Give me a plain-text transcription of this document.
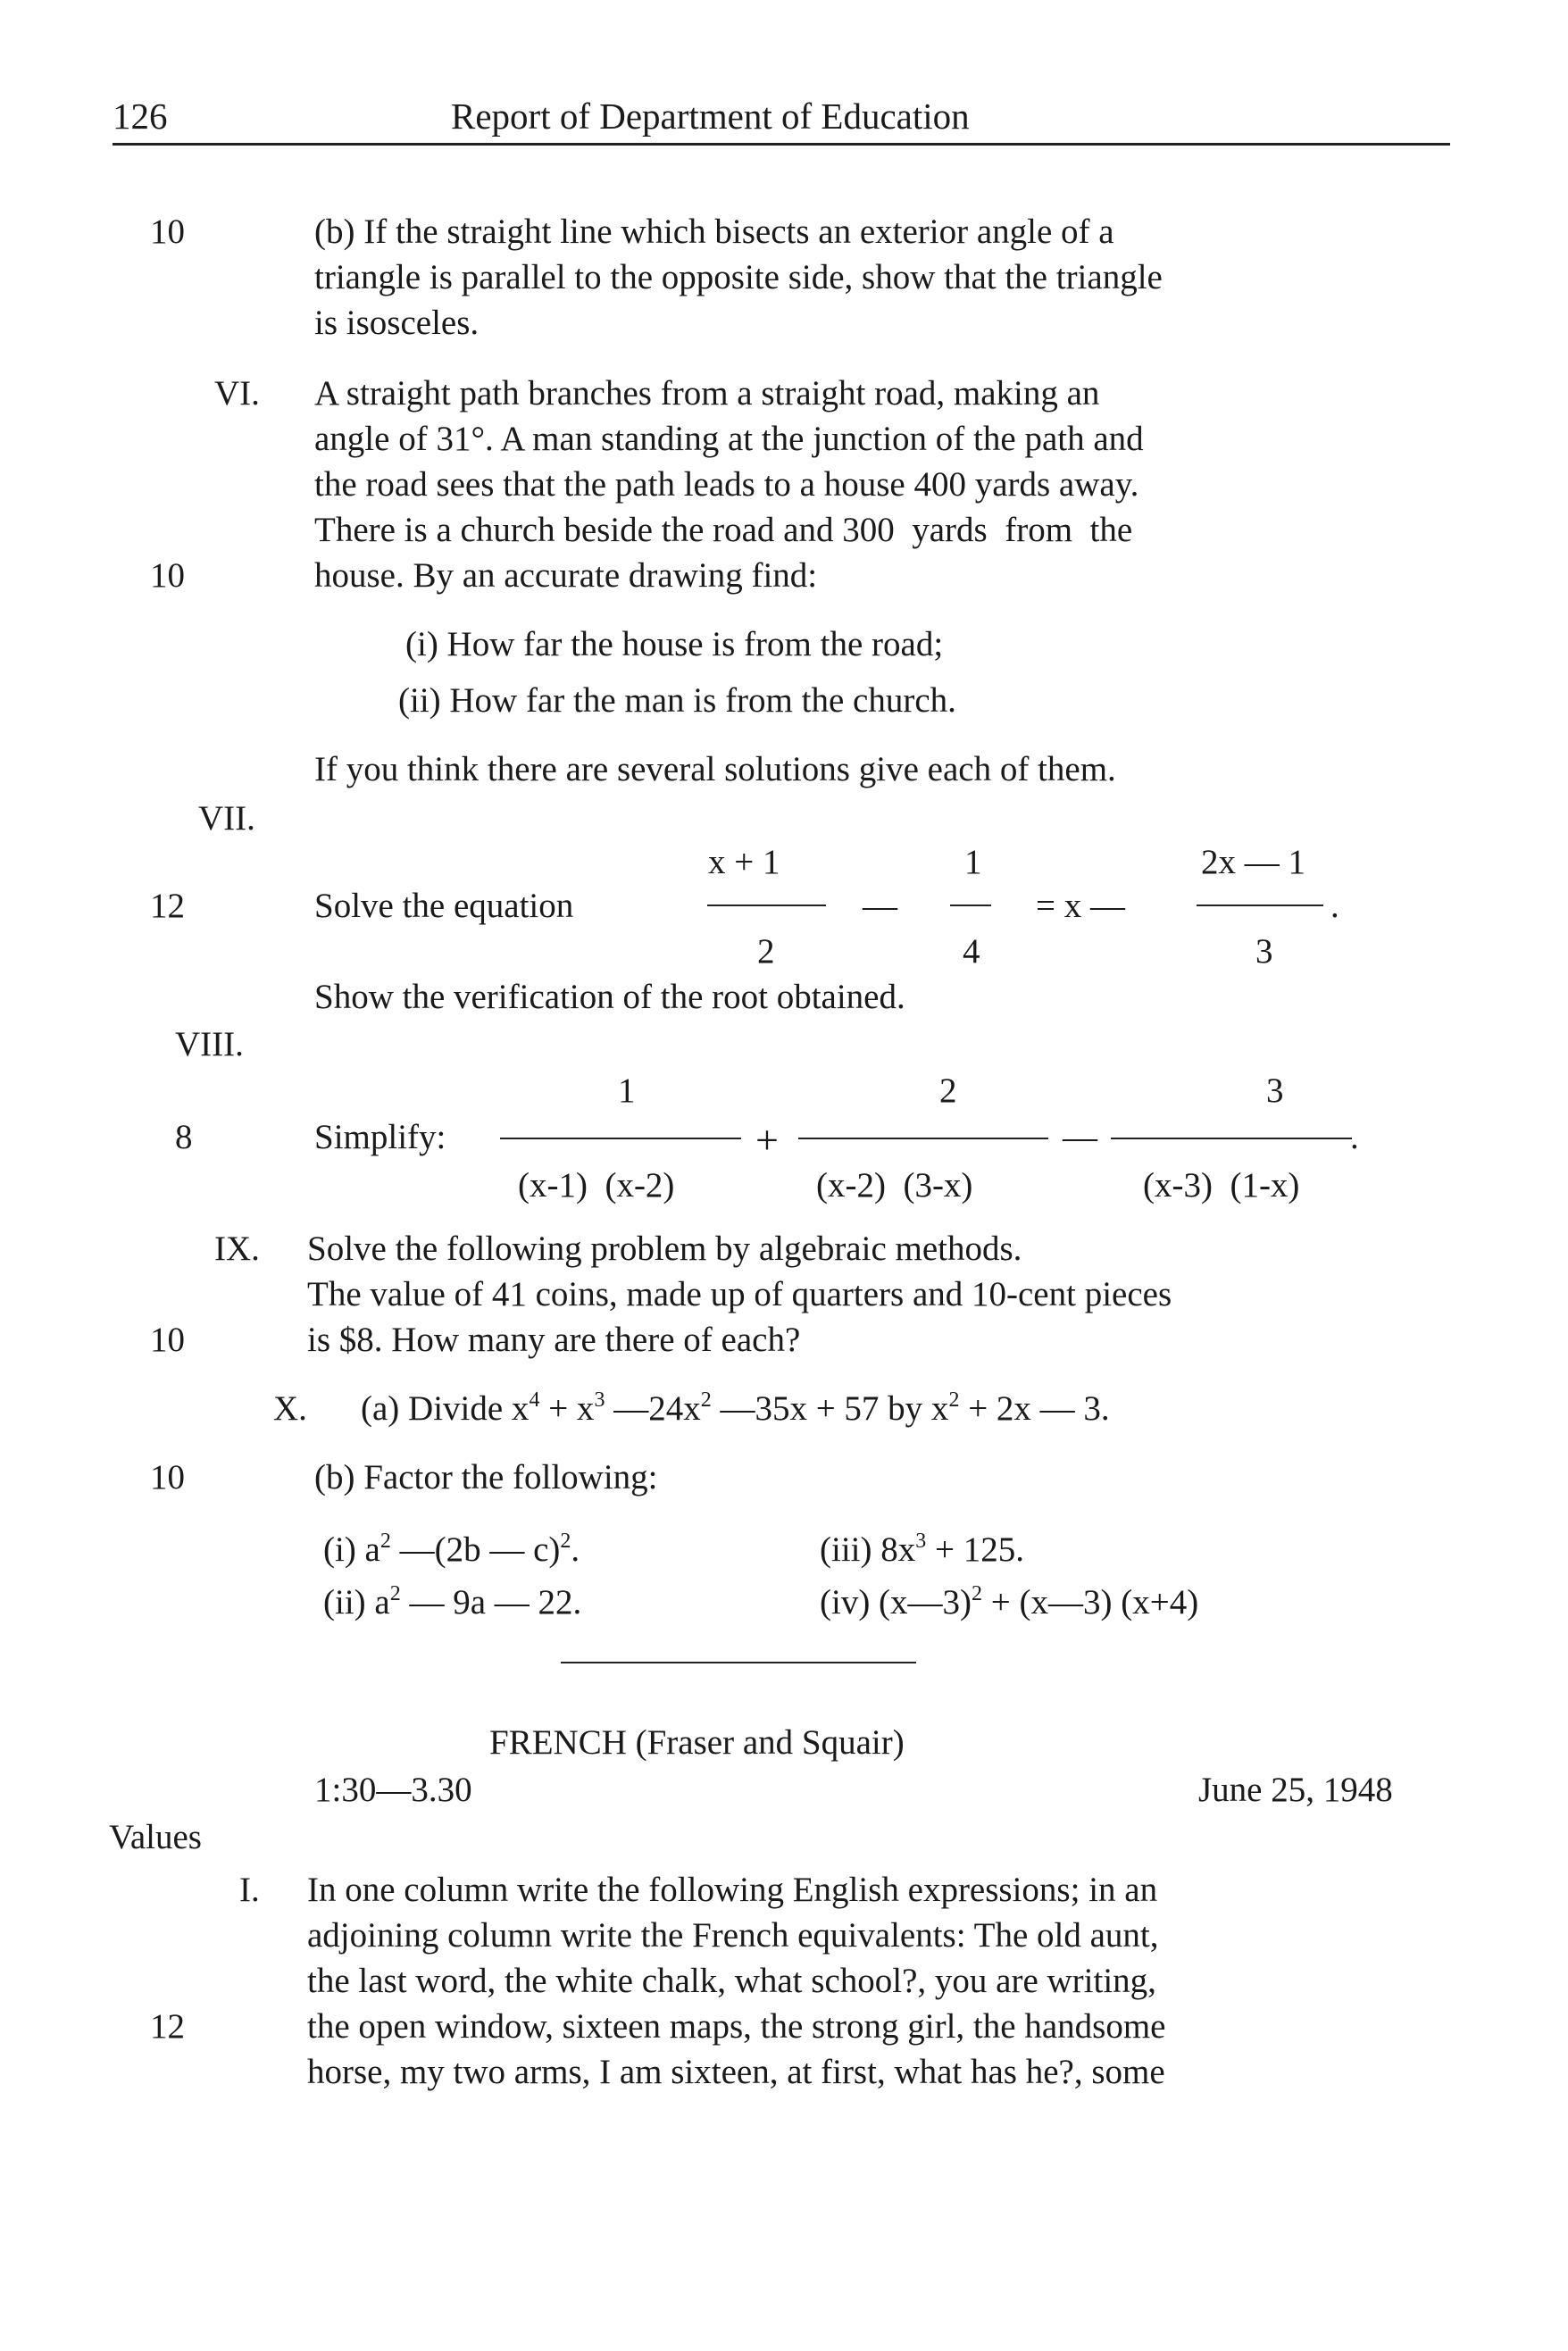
126	Report of Department of Education
10	(b) If the straight line which bisects an exterior angle of a
triangle is parallel to the opposite side, show that the triangle
is isosceles.
VI. A straight path branches from a straight road, making an
angle of 31°. A man standing at the junction of the path and
the road sees that the path leads to a house 400 yards away.
There is a church beside the road and 300  yards  from  the
10	house. By an accurate drawing find:
(i) How far the house is from the road;
(ii) How far the man is from the church.
If you think there are several solutions give each of them.
VII.
12	Solve the equation
x + 1
2
—
1
4
= x —
2x — 1
.
3
Show the verification of the root obtained.
VIII.
8	Simplify:
1
(x-1)  (x-2)
+
2
(x-2)  (3-x)
—
3
.
(x-3)  (1-x)
IX. Solve the following problem by algebraic methods.
The value of 41 coins, made up of quarters and 10-cent pieces
10	is $8. How many are there of each?
X. (a) Divide $x^4 + x^3$ $—24x^2$ —35x + 57 by $x^2 + 2x$ — 3.
10	(b) Factor the following:
(i) $a^2$ —(2b — c)$^2$.	(iii) $8x^3 + 125$.
(ii) $a^2$ — 9a — 22.	(iv) (x—3)$^2$ + (x—3) (x+4)
FRENCH (Fraser and Squair)
1:30—3.30	June 25, 1948
Values
I. In one column write the following English expressions; in an
adjoining column write the French equivalents: The old aunt,
the last word, the white chalk, what school?, you are writing,
12	the open window, sixteen maps, the strong girl, the handsome
horse, my two arms, I am sixteen, at first, what has he?, some
